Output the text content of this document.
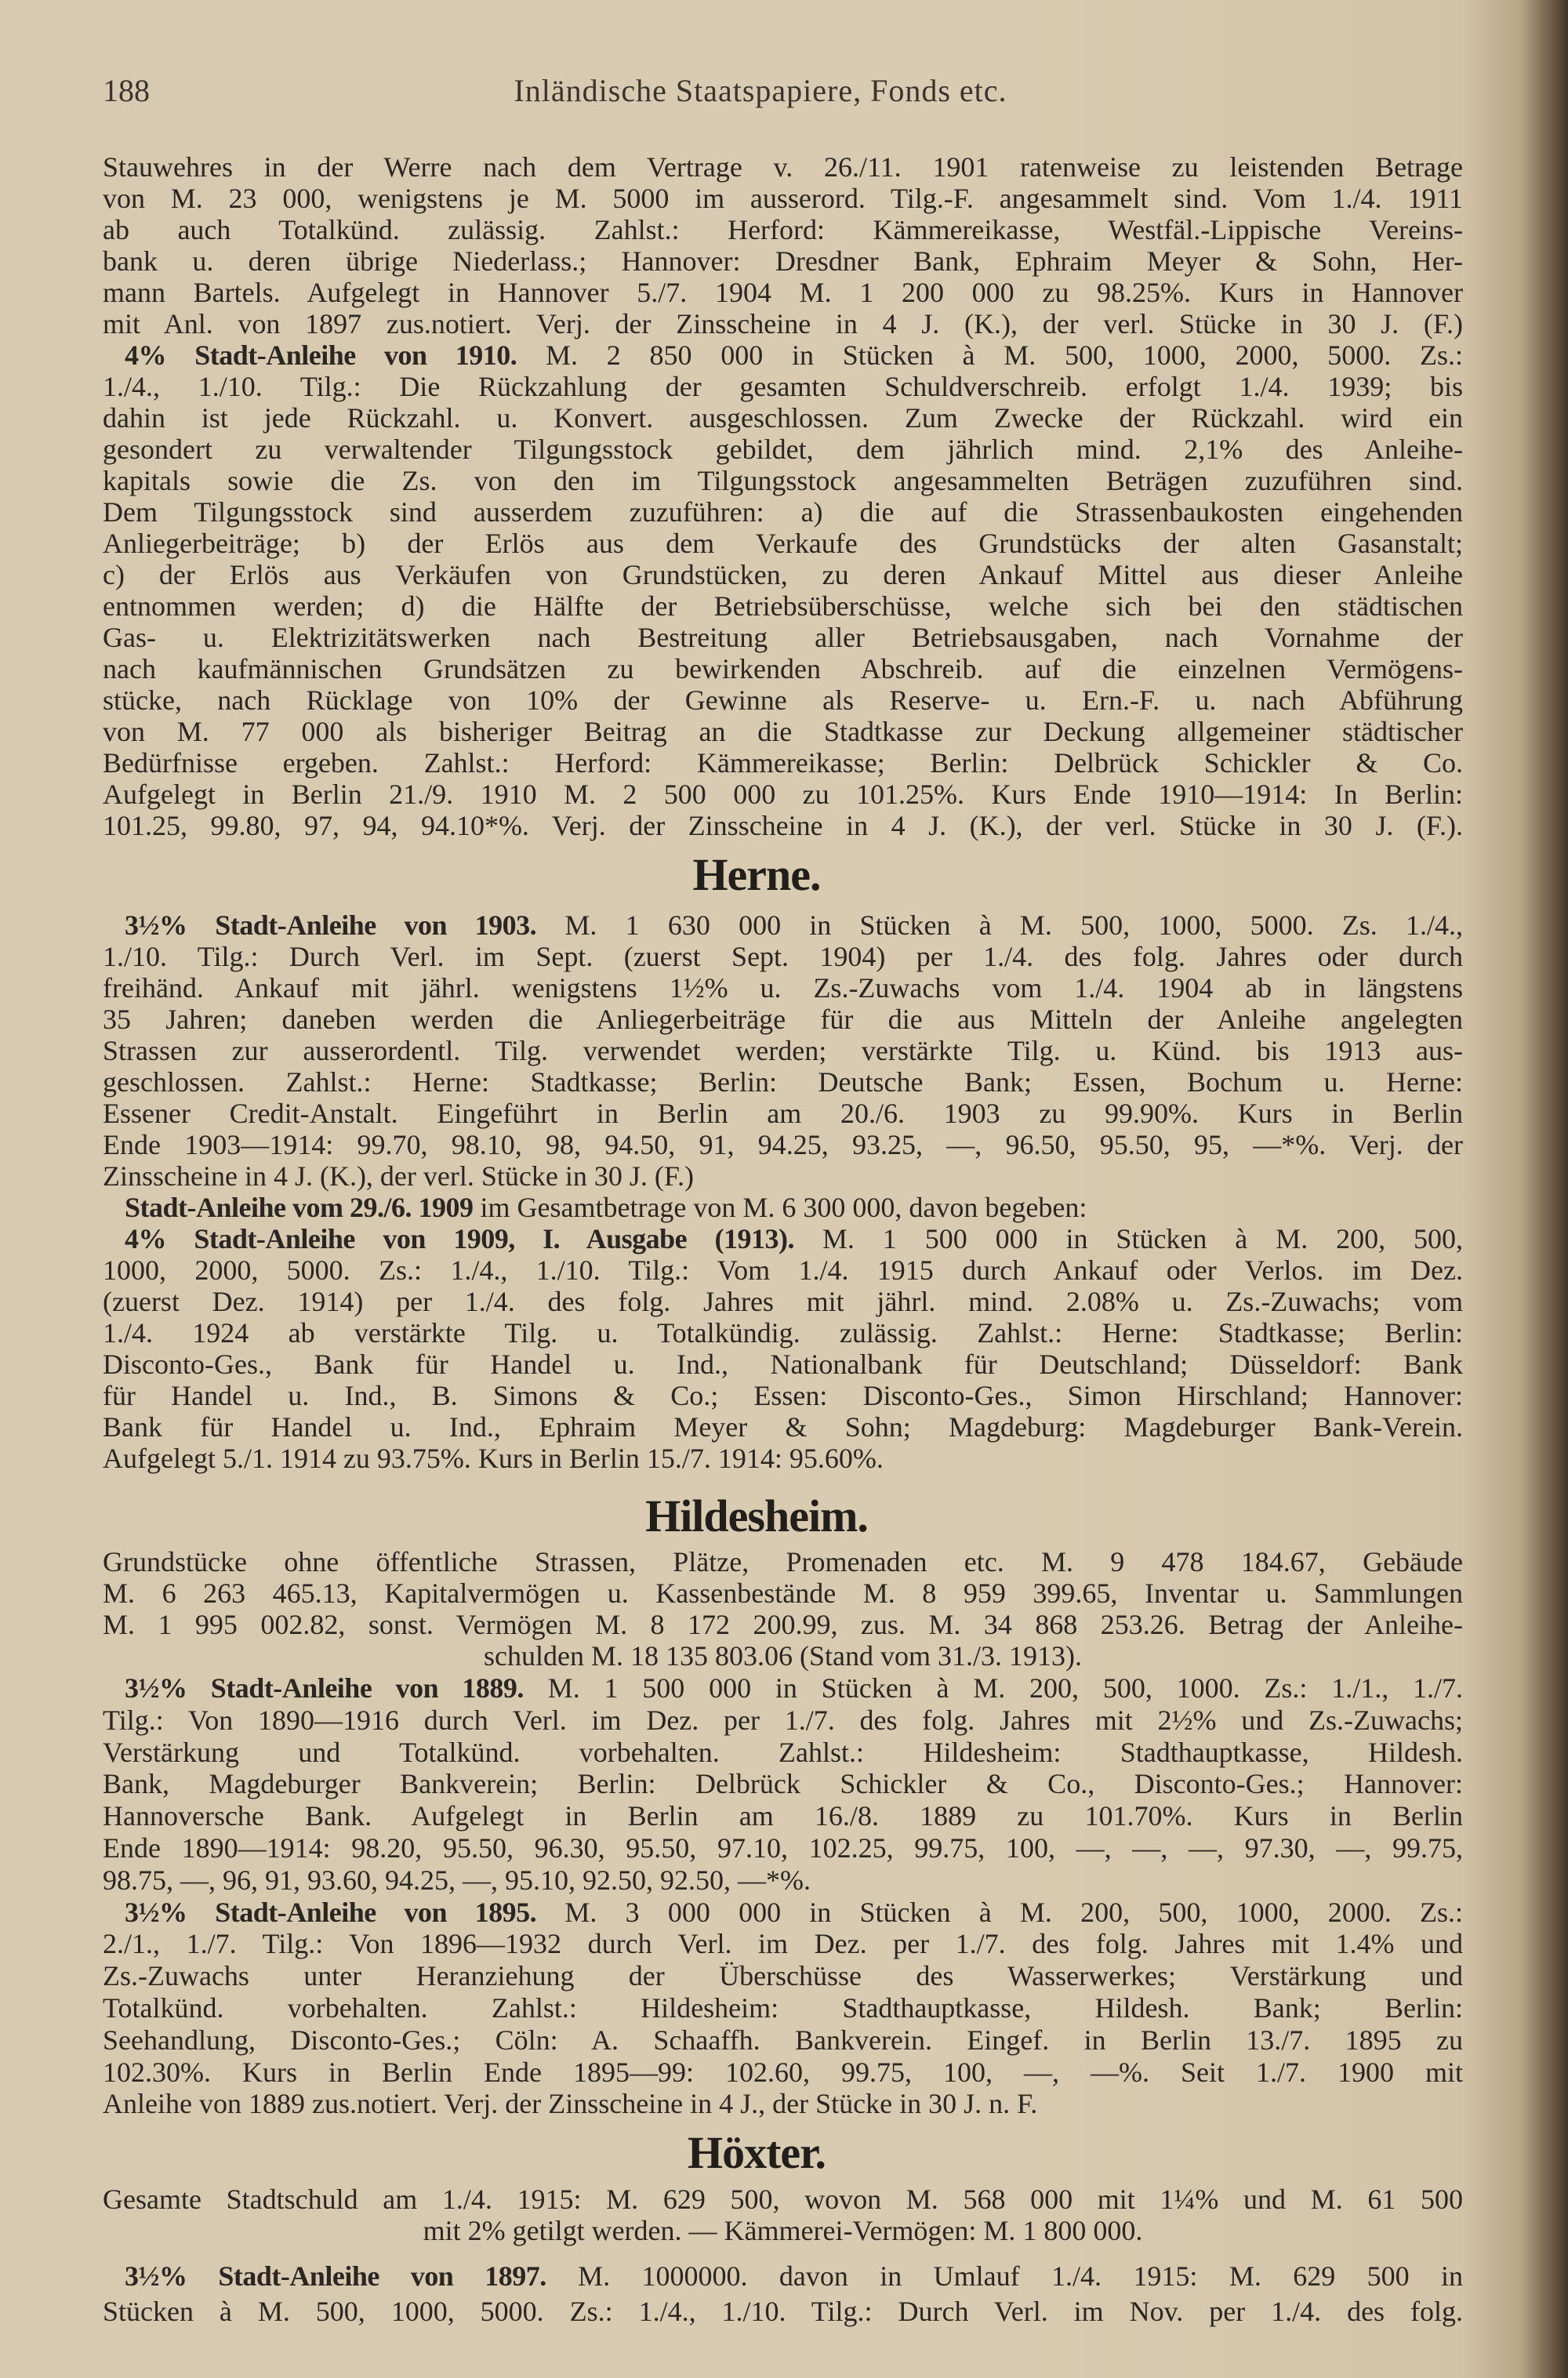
188	Inländische Staatspapiere, Fonds etc.
Stauwehres in der Werre nach dem Vertrage v. 26./11. 1901 ratenweise zu leistenden Betrage
von M. 23 000, wenigstens je M. 5000 im ausserord. Tilg.-F. angesammelt sind. Vom 1./4. 1911
ab auch Totalkünd. zulässig. Zahlst.: Herford: Kämmereikasse, Westfäl.-Lippische Vereins-
bank u. deren übrige Niederlass.; Hannover: Dresdner Bank, Ephraim Meyer & Sohn, Her-
mann Bartels. Aufgelegt in Hannover 5./7. 1904 M. 1 200 000 zu 98.25%. Kurs in Hannover
mit Anl. von 1897 zus.notiert. Verj. der Zinsscheine in 4 J. (K.), der verl. Stücke in 30 J. (F.)
4% Stadt-Anleihe von 1910. M. 2 850 000 in Stücken à M. 500, 1000, 2000, 5000. Zs.:
1./4., 1./10. Tilg.: Die Rückzahlung der gesamten Schuldverschreib. erfolgt 1./4. 1939; bis
dahin ist jede Rückzahl. u. Konvert. ausgeschlossen. Zum Zwecke der Rückzahl. wird ein
gesondert zu verwaltender Tilgungsstock gebildet, dem jährlich mind. 2,1% des Anleihe-
kapitals sowie die Zs. von den im Tilgungsstock angesammelten Beträgen zuzuführen sind.
Dem Tilgungsstock sind ausserdem zuzuführen: a) die auf die Strassenbaukosten eingehenden
Anliegerbeiträge; b) der Erlös aus dem Verkaufe des Grundstücks der alten Gasanstalt;
c) der Erlös aus Verkäufen von Grundstücken, zu deren Ankauf Mittel aus dieser Anleihe
entnommen werden; d) die Hälfte der Betriebsüberschüsse, welche sich bei den städtischen
Gas- u. Elektrizitätswerken nach Bestreitung aller Betriebsausgaben, nach Vornahme der
nach kaufmännischen Grundsätzen zu bewirkenden Abschreib. auf die einzelnen Vermögens-
stücke, nach Rücklage von 10% der Gewinne als Reserve- u. Ern.-F. u. nach Abführung
von M. 77 000 als bisheriger Beitrag an die Stadtkasse zur Deckung allgemeiner städtischer
Bedürfnisse ergeben. Zahlst.: Herford: Kämmereikasse; Berlin: Delbrück Schickler & Co.
Aufgelegt in Berlin 21./9. 1910 M. 2 500 000 zu 101.25%. Kurs Ende 1910—1914: In Berlin:
101.25, 99.80, 97, 94, 94.10*%. Verj. der Zinsscheine in 4 J. (K.), der verl. Stücke in 30 J. (F.).
Herne.
3½% Stadt-Anleihe von 1903. M. 1 630 000 in Stücken à M. 500, 1000, 5000. Zs. 1./4.,
1./10. Tilg.: Durch Verl. im Sept. (zuerst Sept. 1904) per 1./4. des folg. Jahres oder durch
freihänd. Ankauf mit jährl. wenigstens 1½% u. Zs.-Zuwachs vom 1./4. 1904 ab in längstens
35 Jahren; daneben werden die Anliegerbeiträge für die aus Mitteln der Anleihe angelegten
Strassen zur ausserordentl. Tilg. verwendet werden; verstärkte Tilg. u. Künd. bis 1913 aus-
geschlossen. Zahlst.: Herne: Stadtkasse; Berlin: Deutsche Bank; Essen, Bochum u. Herne:
Essener Credit-Anstalt. Eingeführt in Berlin am 20./6. 1903 zu 99.90%. Kurs in Berlin
Ende 1903—1914: 99.70, 98.10, 98, 94.50, 91, 94.25, 93.25, —, 96.50, 95.50, 95, —*%. Verj. der
Zinsscheine in 4 J. (K.), der verl. Stücke in 30 J. (F.)
Stadt-Anleihe vom 29./6. 1909 im Gesamtbetrage von M. 6 300 000, davon begeben:
4% Stadt-Anleihe von 1909, I. Ausgabe (1913). M. 1 500 000 in Stücken à M. 200, 500,
1000, 2000, 5000. Zs.: 1./4., 1./10. Tilg.: Vom 1./4. 1915 durch Ankauf oder Verlos. im Dez.
(zuerst Dez. 1914) per 1./4. des folg. Jahres mit jährl. mind. 2.08% u. Zs.-Zuwachs; vom
1./4. 1924 ab verstärkte Tilg. u. Totalkündig. zulässig. Zahlst.: Herne: Stadtkasse; Berlin:
Disconto-Ges., Bank für Handel u. Ind., Nationalbank für Deutschland; Düsseldorf: Bank
für Handel u. Ind., B. Simons & Co.; Essen: Disconto-Ges., Simon Hirschland; Hannover:
Bank für Handel u. Ind., Ephraim Meyer & Sohn; Magdeburg: Magdeburger Bank-Verein.
Aufgelegt 5./1. 1914 zu 93.75%. Kurs in Berlin 15./7. 1914: 95.60%.
Hildesheim.
Grundstücke ohne öffentliche Strassen, Plätze, Promenaden etc. M. 9 478 184.67, Gebäude
M. 6 263 465.13, Kapitalvermögen u. Kassenbestände M. 8 959 399.65, Inventar u. Sammlungen
M. 1 995 002.82, sonst. Vermögen M. 8 172 200.99, zus. M. 34 868 253.26. Betrag der Anleihe-
schulden M. 18 135 803.06 (Stand vom 31./3. 1913).
3½% Stadt-Anleihe von 1889. M. 1 500 000 in Stücken à M. 200, 500, 1000. Zs.: 1./1., 1./7.
Tilg.: Von 1890—1916 durch Verl. im Dez. per 1./7. des folg. Jahres mit 2½% und Zs.-Zuwachs;
Verstärkung und Totalkünd. vorbehalten. Zahlst.: Hildesheim: Stadthauptkasse, Hildesh.
Bank, Magdeburger Bankverein; Berlin: Delbrück Schickler & Co., Disconto-Ges.; Hannover:
Hannoversche Bank. Aufgelegt in Berlin am 16./8. 1889 zu 101.70%. Kurs in Berlin
Ende 1890—1914: 98.20, 95.50, 96.30, 95.50, 97.10, 102.25, 99.75, 100, —, —, —, 97.30, —, 99.75,
98.75, —, 96, 91, 93.60, 94.25, —, 95.10, 92.50, 92.50, —*%.
3½% Stadt-Anleihe von 1895. M. 3 000 000 in Stücken à M. 200, 500, 1000, 2000. Zs.:
2./1., 1./7. Tilg.: Von 1896—1932 durch Verl. im Dez. per 1./7. des folg. Jahres mit 1.4% und
Zs.-Zuwachs unter Heranziehung der Überschüsse des Wasserwerkes; Verstärkung und
Totalkünd. vorbehalten. Zahlst.: Hildesheim: Stadthauptkasse, Hildesh. Bank; Berlin:
Seehandlung, Disconto-Ges.; Cöln: A. Schaaffh. Bankverein. Eingef. in Berlin 13./7. 1895 zu
102.30%. Kurs in Berlin Ende 1895—99: 102.60, 99.75, 100, —, —%. Seit 1./7. 1900 mit
Anleihe von 1889 zus.notiert. Verj. der Zinsscheine in 4 J., der Stücke in 30 J. n. F.
Höxter.
Gesamte Stadtschuld am 1./4. 1915: M. 629 500, wovon M. 568 000 mit 1¼% und M. 61 500
mit 2% getilgt werden. — Kämmerei-Vermögen: M. 1 800 000.
3½% Stadt-Anleihe von 1897. M. 1000000. davon in Umlauf 1./4. 1915: M. 629 500 in
Stücken à M. 500, 1000, 5000. Zs.: 1./4., 1./10. Tilg.: Durch Verl. im Nov. per 1./4. des folg.
